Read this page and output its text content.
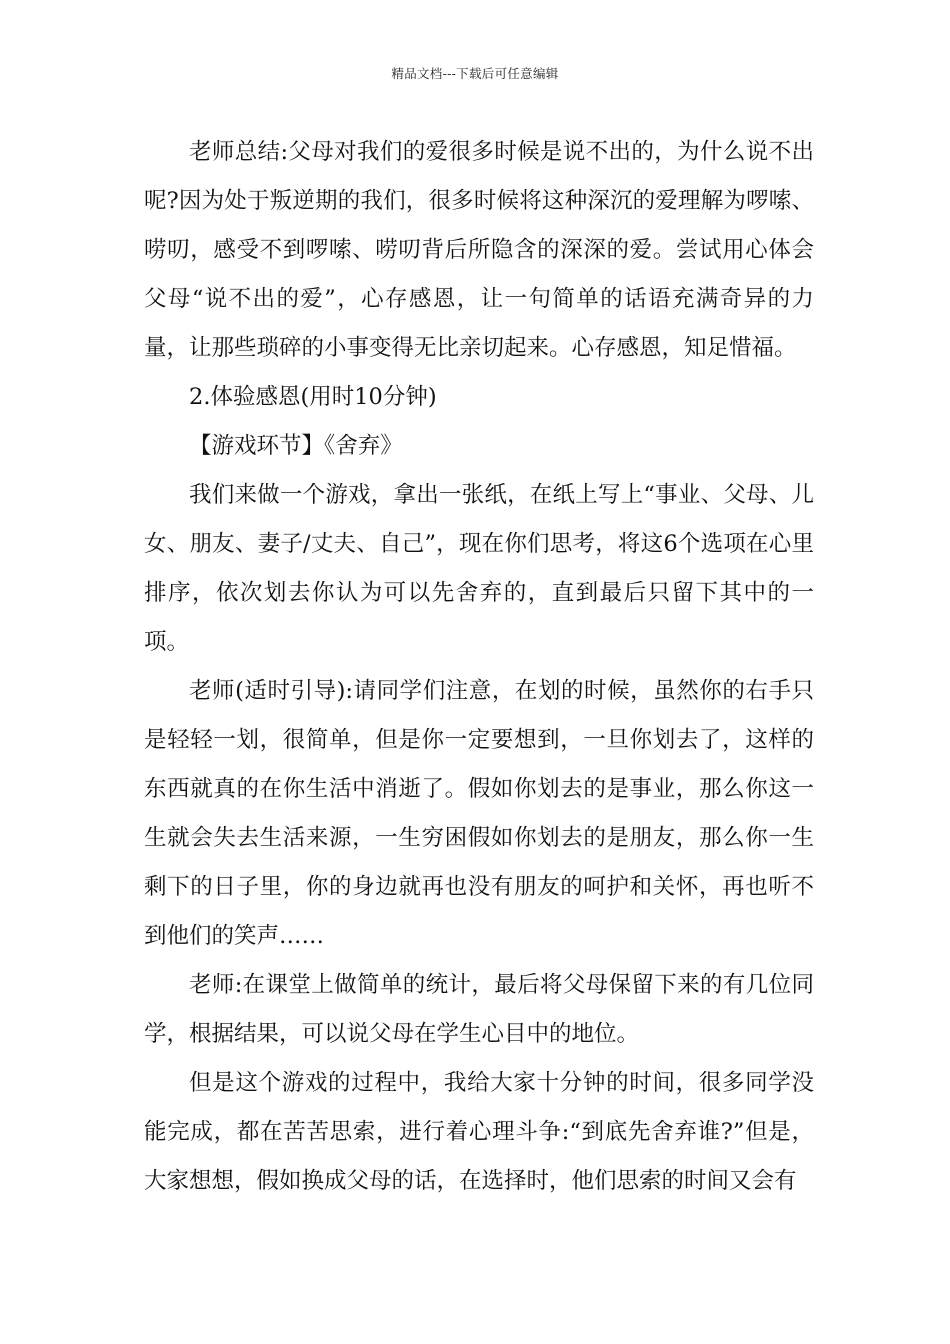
精品文档---下载后可任意编辑

老师总结:父母对我们的爱很多时候是说不出的，为什么说不出呢?因为处于叛逆期的我们，很多时候将这种深沉的爱理解为啰嗦、唠叨，感受不到啰嗦、唠叨背后所隐含的深深的爱。尝试用心体会父母“说不出的爱”，心存感恩，让一句简单的话语充满奇异的力量，让那些琐碎的小事变得无比亲切起来。心存感恩，知足惜福。

2.体验感恩(用时10分钟)

【游戏环节】《舍弃》

我们来做一个游戏，拿出一张纸，在纸上写上“事业、父母、儿女、朋友、妻子/丈夫、自己”，现在你们思考，将这6个选项在心里排序，依次划去你认为可以先舍弃的，直到最后只留下其中的一项。

老师(适时引导):请同学们注意，在划的时候，虽然你的右手只是轻轻一划，很简单，但是你一定要想到，一旦你划去了，这样的东西就真的在你生活中消逝了。假如你划去的是事业，那么你这一生就会失去生活来源，一生穷困假如你划去的是朋友，那么你一生剩下的日子里，你的身边就再也没有朋友的呵护和关怀，再也听不到他们的笑声……

老师:在课堂上做简单的统计，最后将父母保留下来的有几位同学，根据结果，可以说父母在学生心目中的地位。

但是这个游戏的过程中，我给大家十分钟的时间，很多同学没能完成，都在苦苦思索，进行着心理斗争:“到底先舍弃谁?”但是，大家想想，假如换成父母的话，在选择时，他们思索的时间又会有
